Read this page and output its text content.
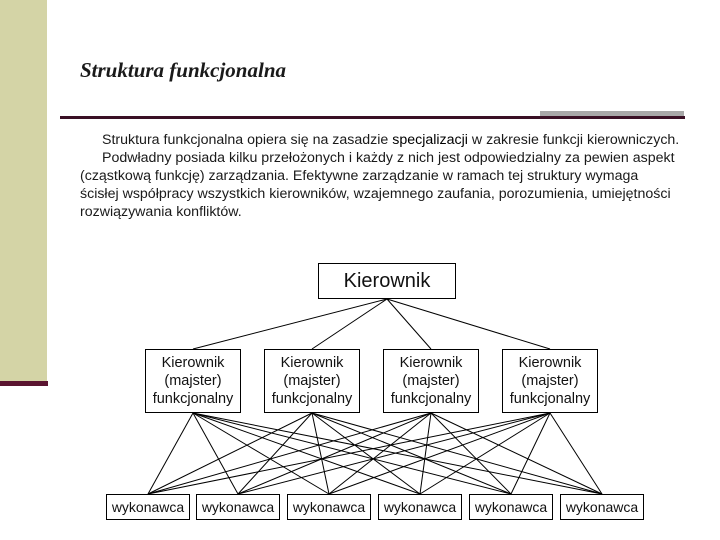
Struktura funkcjonalna

Struktura funkcjonalna opiera się na zasadzie specjalizacji w zakresie funkcji kierowniczych.

Podwładny posiada kilku przełożonych i każdy z nich jest odpowiedzialny za pewien aspekt (cząstkową funkcję) zarządzania. Efektywne zarządzanie w ramach tej struktury wymaga ścisłej współpracy wszystkich kierowników, wzajemnego zaufania, porozumienia, umiejętności rozwiązywania konfliktów.

Kierownik
Kierownik
(majster)
funkcjonalny
Kierownik
(majster)
funkcjonalny
Kierownik
(majster)
funkcjonalny
Kierownik
(majster)
funkcjonalny
wykonawca	wykonawca	wykonawca	wykonawca	wykonawca	wykonawca
